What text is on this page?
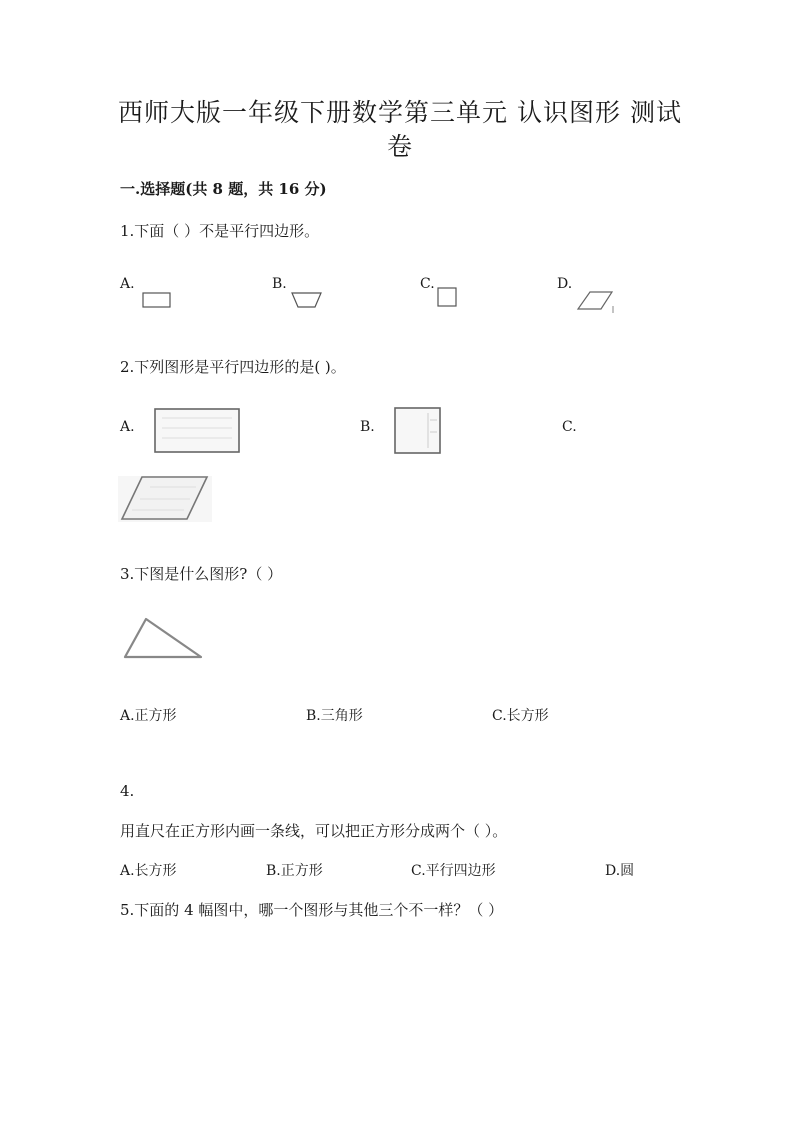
西师大版一年级下册数学第三单元 认识图形 测试
卷
一.选择题(共 8 题，共 16 分)
1.下面（ ）不是平行四边形。
A.	B.	C.	D.
2.下列图形是平行四边形的是( )。
A.	B.	C.
3.下图是什么图形?（ ）
A.正方形	B.三角形	C.长方形
4.
用直尺在正方形内画一条线，可以把正方形分成两个（ ）。
A.长方形	B.正方形	C.平行四边形	D.圆
5.下面的 4 幅图中，哪一个图形与其他三个不一样？（ ）
